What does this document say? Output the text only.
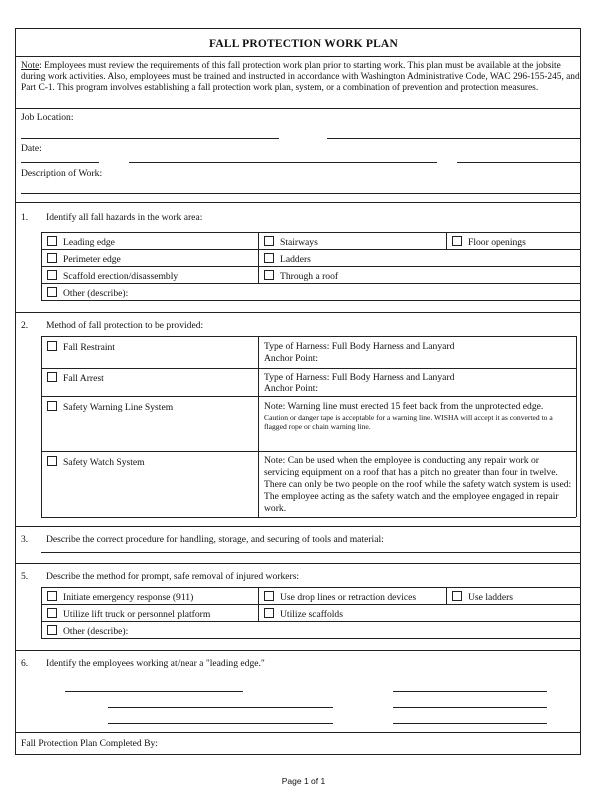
FALL PROTECTION WORK PLAN
Note: Employees must review the requirements of this fall protection work plan prior to starting work. This plan must be available at the jobsite during work activities. Also, employees must be trained and instructed in accordance with Washington Administrative Code, WAC 296-155-245, and Part C-1. This program involves establishing a fall protection work plan, system, or a combination of prevention and protection measures.
Job Location:
Date:
Description of Work:
1. Identify all fall hazards in the work area:
Leading edge	Stairways	Floor openings
Perimeter edge	Ladders
Scaffold erection/disassembly	Through a roof
Other (describe):
2. Method of fall protection to be provided:
Fall Restraint	Type of Harness: Full Body Harness and Lanyard
Anchor Point:
Fall Arrest	Type of Harness: Full Body Harness and Lanyard
Anchor Point:
Safety Warning Line System	Note: Warning line must erected 15 feet back from the unprotected edge.
Caution or danger tape is acceptable for a warning line. WISHA will accept it as converted to a flagged rope or chain warning line.
Safety Watch System	Note: Can be used when the employee is conducting any repair work or servicing equipment on a roof that has a pitch no greater than four in twelve. There can only be two people on the roof while the safety watch system is used: The employee acting as the safety watch and the employee engaged in repair work.
3. Describe the correct procedure for handling, storage, and securing of tools and material:
5. Describe the method for prompt, safe removal of injured workers:
Initiate emergency response (911)	Use drop lines or retraction devices	Use ladders
Utilize lift truck or personnel platform	Utilize scaffolds
Other (describe):
6. Identify the employees working at/near a "leading edge."
Fall Protection Plan Completed By:
Page 1 of 1
